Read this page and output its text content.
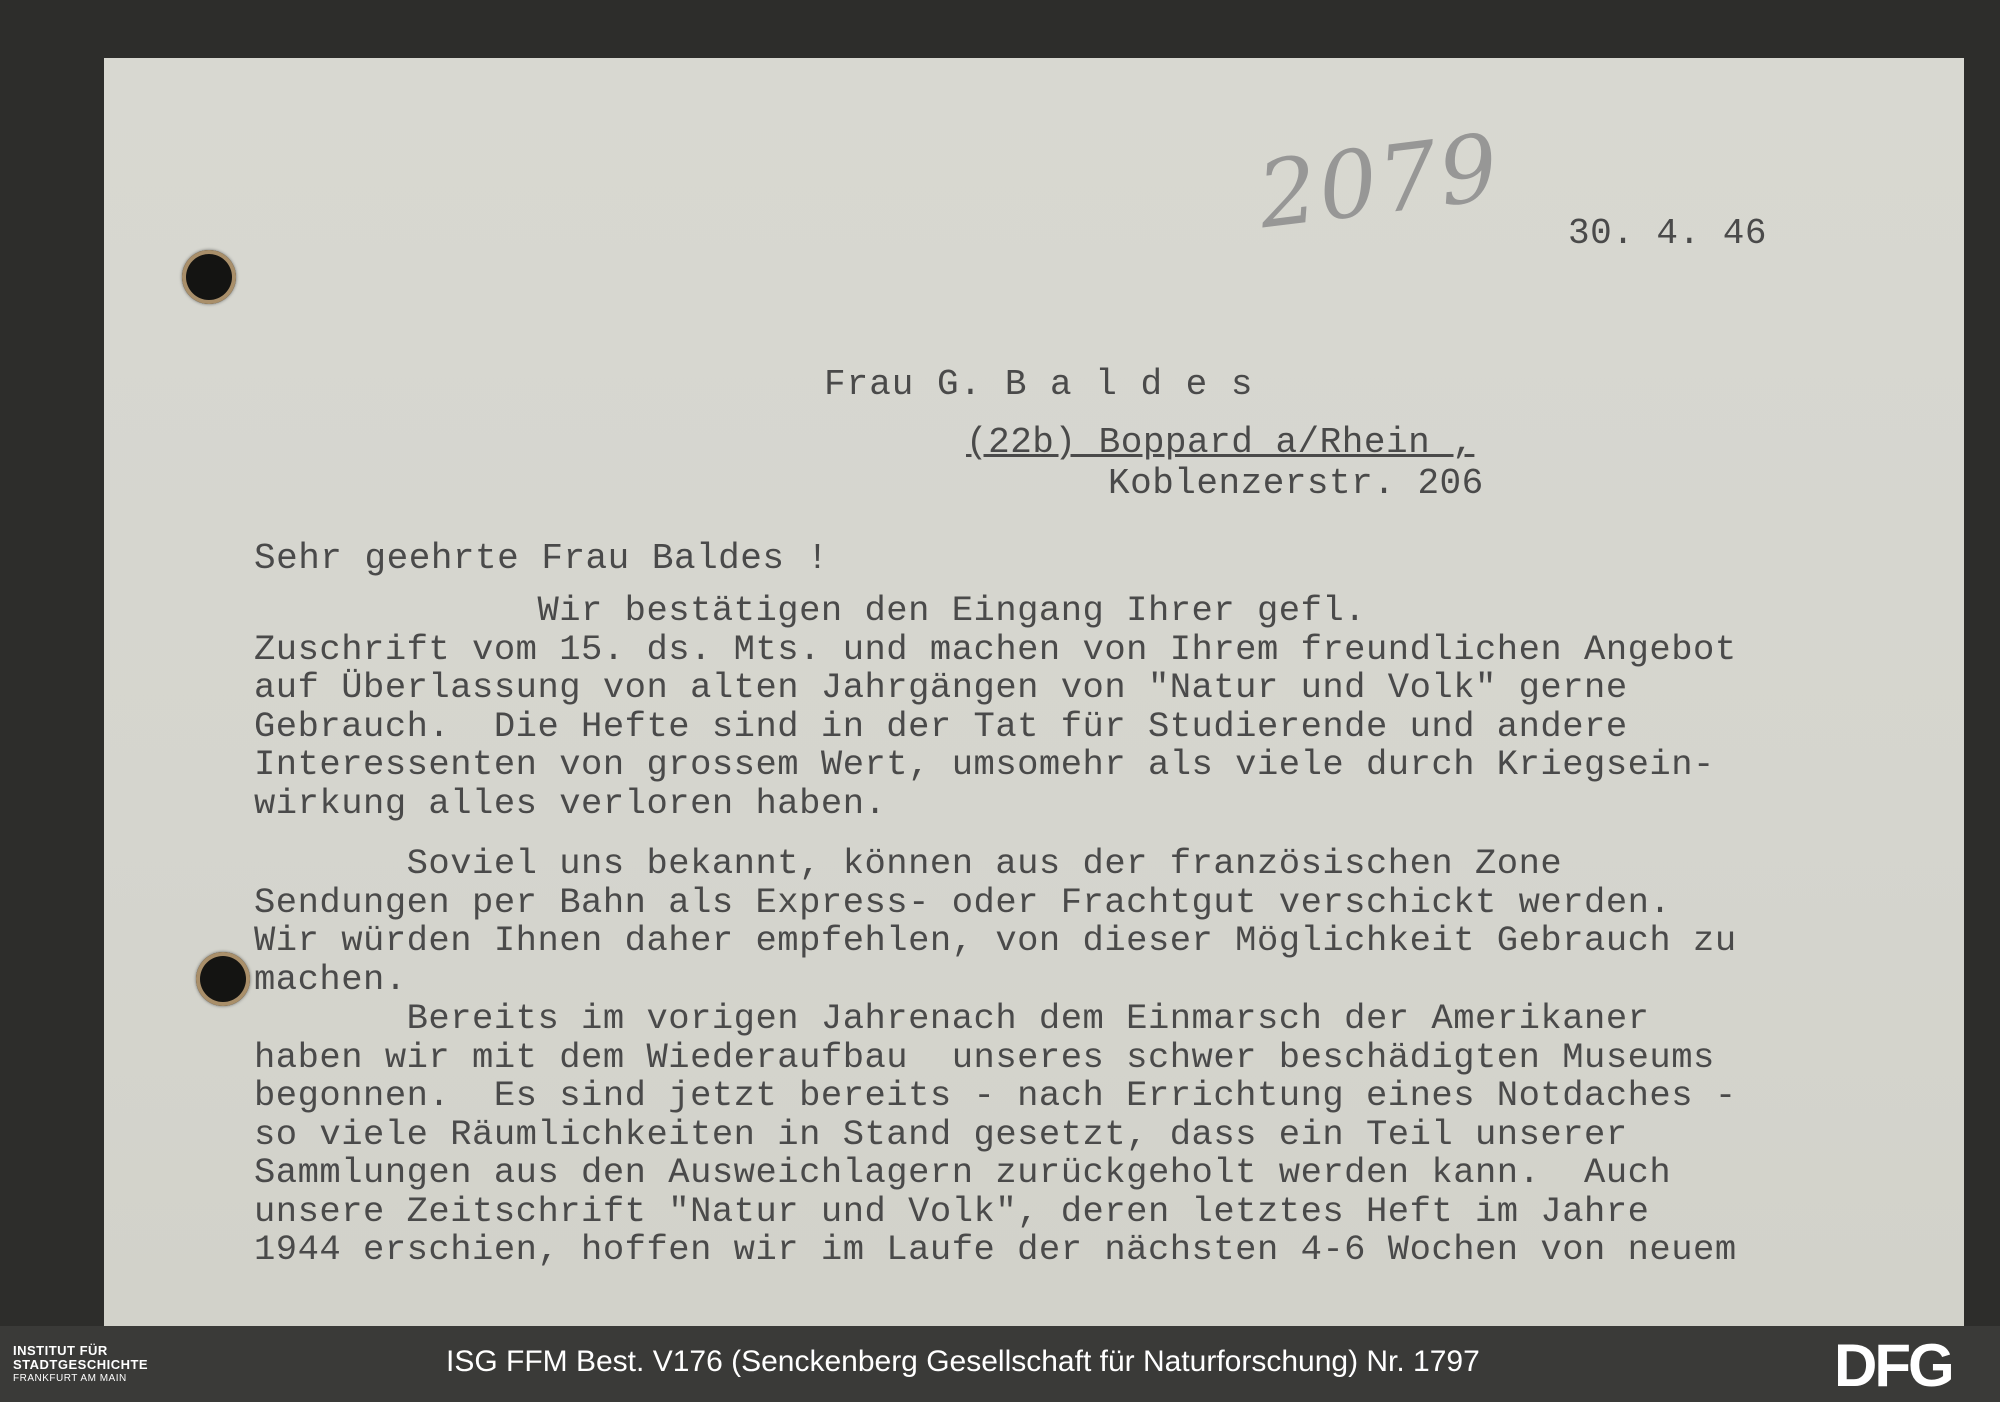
2079 30. 4. 46
Frau G. B a l d e s
(22b) Boppard a/Rhein ,
Koblenzerstr. 206
Sehr geehrte Frau Baldes !
Wir bestätigen den Eingang Ihrer gefl.
Zuschrift vom 15. ds. Mts. und machen von Ihrem freundlichen Angebot
auf Überlassung von alten Jahrgängen von "Natur und Volk" gerne
Gebrauch.  Die Hefte sind in der Tat für Studierende und andere
Interessenten von grossem Wert, umsomehr als viele durch Kriegsein-
wirkung alles verloren haben.
Soviel uns bekannt, können aus der französischen Zone
Sendungen per Bahn als Express- oder Frachtgut verschickt werden.
Wir würden Ihnen daher empfehlen, von dieser Möglichkeit Gebrauch zu
machen.
Bereits im vorigen Jahrenach dem Einmarsch der Amerikaner
haben wir mit dem Wiederaufbau  unseres schwer beschädigten Museums
begonnen.  Es sind jetzt bereits - nach Errichtung eines Notdaches -
so viele Räumlichkeiten in Stand gesetzt, dass ein Teil unserer
Sammlungen aus den Ausweichlagern zurückgeholt werden kann.  Auch
unsere Zeitschrift "Natur und Volk", deren letztes Heft im Jahre
1944 erschien, hoffen wir im Laufe der nächsten 4-6 Wochen von neuem
INSTITUT FÜR
STADTGESCHICHTE
FRANKFURT AM MAIN
ISG FFM Best. V176 (Senckenberg Gesellschaft für Naturforschung) Nr. 1797	DFG
